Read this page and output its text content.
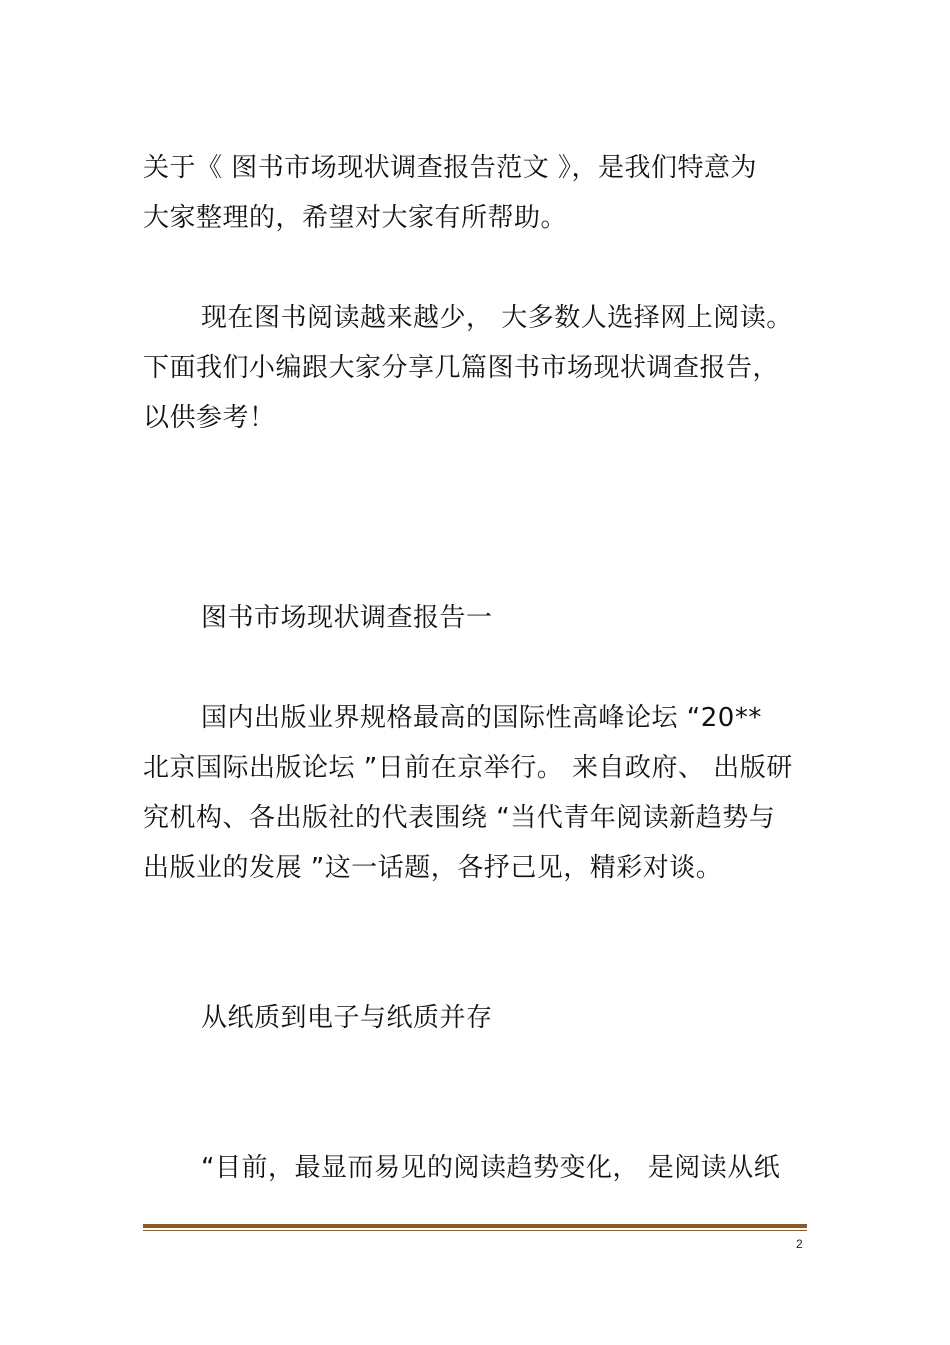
关于《 图书市场现状调查报告范文 》，是我们特意为
大家整理的，希望对大家有所帮助。
现在图书阅读越来越少， 大多数人选择网上阅读。
下面我们小编跟大家分享几篇图书市场现状调查报告，
以供参考！
图书市场现状调查报告一
国内出版业界规格最高的国际性高峰论坛 “20**
北京国际出版论坛 ”日前在京举行。 来自政府、 出版研
究机构、各出版社的代表围绕 “当代青年阅读新趋势与
出版业的发展 ”这一话题，各抒己见，精彩对谈。
从纸质到电子与纸质并存
“目前，最显而易见的阅读趋势变化， 是阅读从纸
2
